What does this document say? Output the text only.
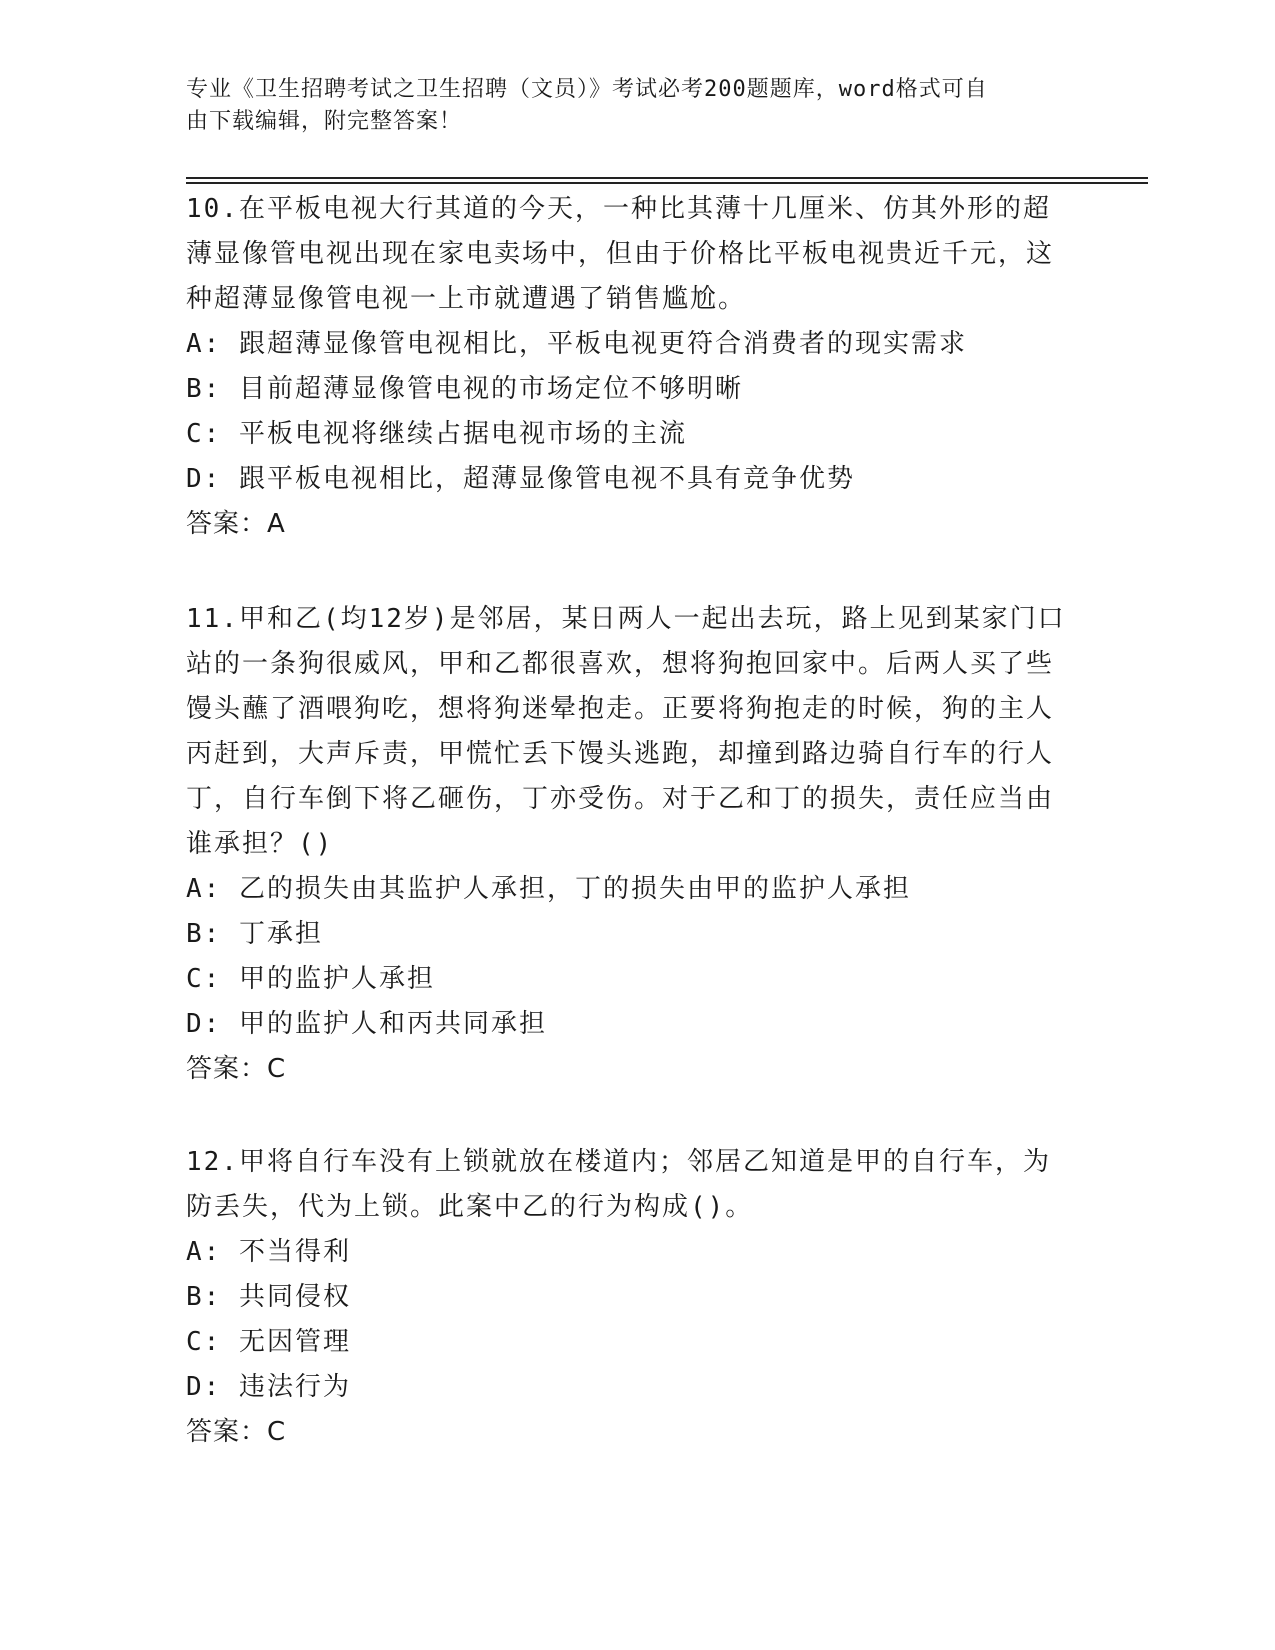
专业《卫生招聘考试之卫生招聘（文员）》考试必考200题题库，word格式可自
由下载编辑，附完整答案！

10.在平板电视大行其道的今天，一种比其薄十几厘米、仿其外形的超薄显像管电视出现在家电卖场中，但由于价格比平板电视贵近千元，这种超薄显像管电视一上市就遭遇了销售尴尬。

A: 跟超薄显像管电视相比，平板电视更符合消费者的现实需求

B: 目前超薄显像管电视的市场定位不够明晰

C: 平板电视将继续占据电视市场的主流

D: 跟平板电视相比，超薄显像管电视不具有竞争优势

答案：A

11.甲和乙(均12岁)是邻居，某日两人一起出去玩，路上见到某家门口站的一条狗很威风，甲和乙都很喜欢，想将狗抱回家中。后两人买了些馒头蘸了酒喂狗吃，想将狗迷晕抱走。正要将狗抱走的时候，狗的主人丙赶到，大声斥责，甲慌忙丢下馒头逃跑，却撞到路边骑自行车的行人丁，自行车倒下将乙砸伤，丁亦受伤。对于乙和丁的损失，责任应当由谁承担？()

A: 乙的损失由其监护人承担，丁的损失由甲的监护人承担

B: 丁承担

C: 甲的监护人承担

D: 甲的监护人和丙共同承担

答案：C

12.甲将自行车没有上锁就放在楼道内；邻居乙知道是甲的自行车，为防丢失，代为上锁。此案中乙的行为构成()。

A: 不当得利

B: 共同侵权

C: 无因管理

D: 违法行为

答案：C
